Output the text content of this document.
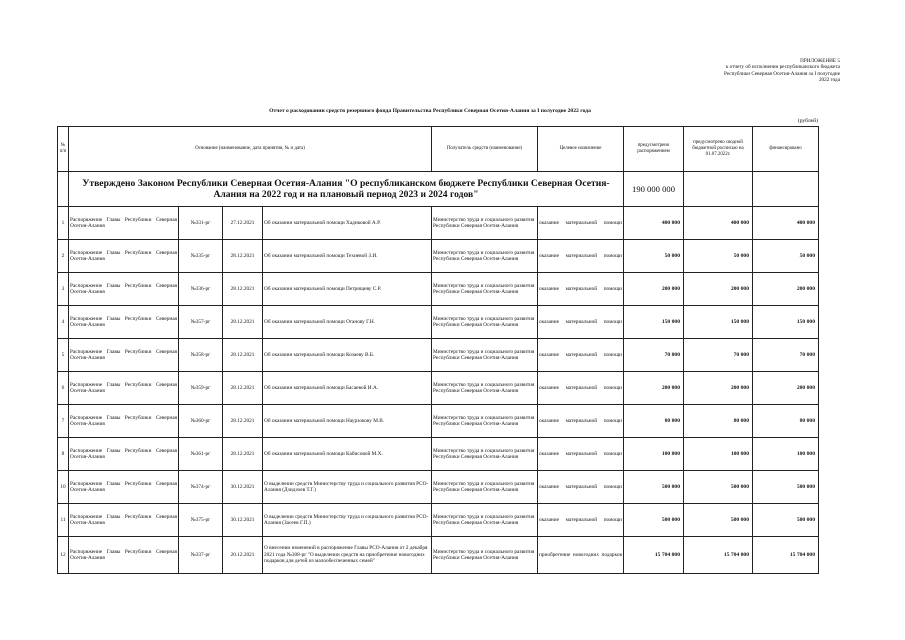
ПРИЛОЖЕНИЕ 5
к отчету об исполнении республиканского бюджета
Республики Северная Осетия-Алания за I полугодие
2022 года
Отчет о расходовании средств резервного фонда Правительства Республики Северная Осетия-Алания за I полугодие 2022 года
(рублей)
№ п/п	Основание (наименование, дата принятия, № и дата)				Получатель средств (наименование)	Целевое назначение	предусмотрено распоряжением	предусмотрено сводной бюджетной росписью на 01.07.2022г.	финансировано
	Утверждено Законом Республики Северная Осетия-Алания "О республиканском бюджете Республики Северная Осетия-Алания на 2022 год и на плановый период 2023 и 2024 годов"						190 000 000		
1	Распоряжение Главы Республики Северная Осетия-Алания	№331-рг	27.12.2021	Об оказании материальной помощи Хадиковой А.Р.	Министерство труда и социального развития Республики Северная Осетия-Алания	оказание материальной помощи	400 000	400 000	400 000
2	Распоряжение Главы Республики Северная Осетия-Алания	№335-рг	28.12.2021	Об оказании материальной помощи Техиевой З.И.	Министерство труда и социального развития Республики Северная Осетия-Алания	оказание материальной помощи	50 000	50 000	50 000
3	Распоряжение Главы Республики Северная Осетия-Алания	№336-рг	28.12.2021	Об оказании материальной помощи Петрищеву С.Р.	Министерство труда и социального развития Республики Северная Осетия-Алания	оказание материальной помощи	200 000	200 000	200 000
4	Распоряжение Главы Республики Северная Осетия-Алания	№357-рг	28.12.2021	Об оказании материальной помощи Оганову Г.Н.	Министерство труда и социального развития Республики Северная Осетия-Алания	оказание материальной помощи	150 000	150 000	150 000
5	Распоряжение Главы Республики Северная Осетия-Алания	№358-рг	28.12.2021	Об оказании материальной помощи Козаеву В.Б.	Министерство труда и социального развития Республики Северная Осетия-Алания	оказание материальной помощи	70 000	70 000	70 000
6	Распоряжение Главы Республики Северная Осетия-Алания	№359-рг	28.12.2021	Об оказании материальной помощи Басаевой И.А.	Министерство труда и социального развития Республики Северная Осетия-Алания	оказание материальной помощи	200 000	200 000	200 000
7	Распоряжение Главы Республики Северная Осетия-Алания	№360-рг	28.12.2021	Об оказании материальной помощи Наурзокову М.В.	Министерство труда и социального развития Республики Северная Осетия-Алания	оказание материальной помощи	80 000	80 000	80 000
8	Распоряжение Главы Республики Северная Осетия-Алания	№361-рг	28.12.2021	Об оказании материальной помощи Кабисовой М.Х.	Министерство труда и социального развития Республики Северная Осетия-Алания	оказание материальной помощи	100 000	100 000	100 000
10	Распоряжение Главы Республики Северная Осетия-Алания	№374-рг	30.12.2021	О выделении средств Министерству труда и социального развития РСО-Алания (Дзидзоев Т.Г.)	Министерство труда и социального развития Республики Северная Осетия-Алания	оказание материальной помощи	500 000	500 000	500 000
11	Распоряжение Главы Республики Северная Осетия-Алания	№375-рг	30.12.2021	О выделении средств Министерству труда и социального развития РСО-Алания (Засеев Г.П.)	Министерство труда и социального развития Республики Северная Осетия-Алания	оказание материальной помощи	500 000	500 000	500 000
12	Распоряжение Главы Республики Северная Осетия-Алания	№337-рг	20.12.2021	О внесении изменений в распоряжение Главы РСО-Алания от 2 декабря 2021 года №308-рг "О выделении средств на приобретение новогодних подарков для детей из малообеспеченных семей"	Министерство труда и социального развития Республики Северная Осетия-Алания	приобретение новогодних подарков	15 704 000	15 704 000	15 704 000
